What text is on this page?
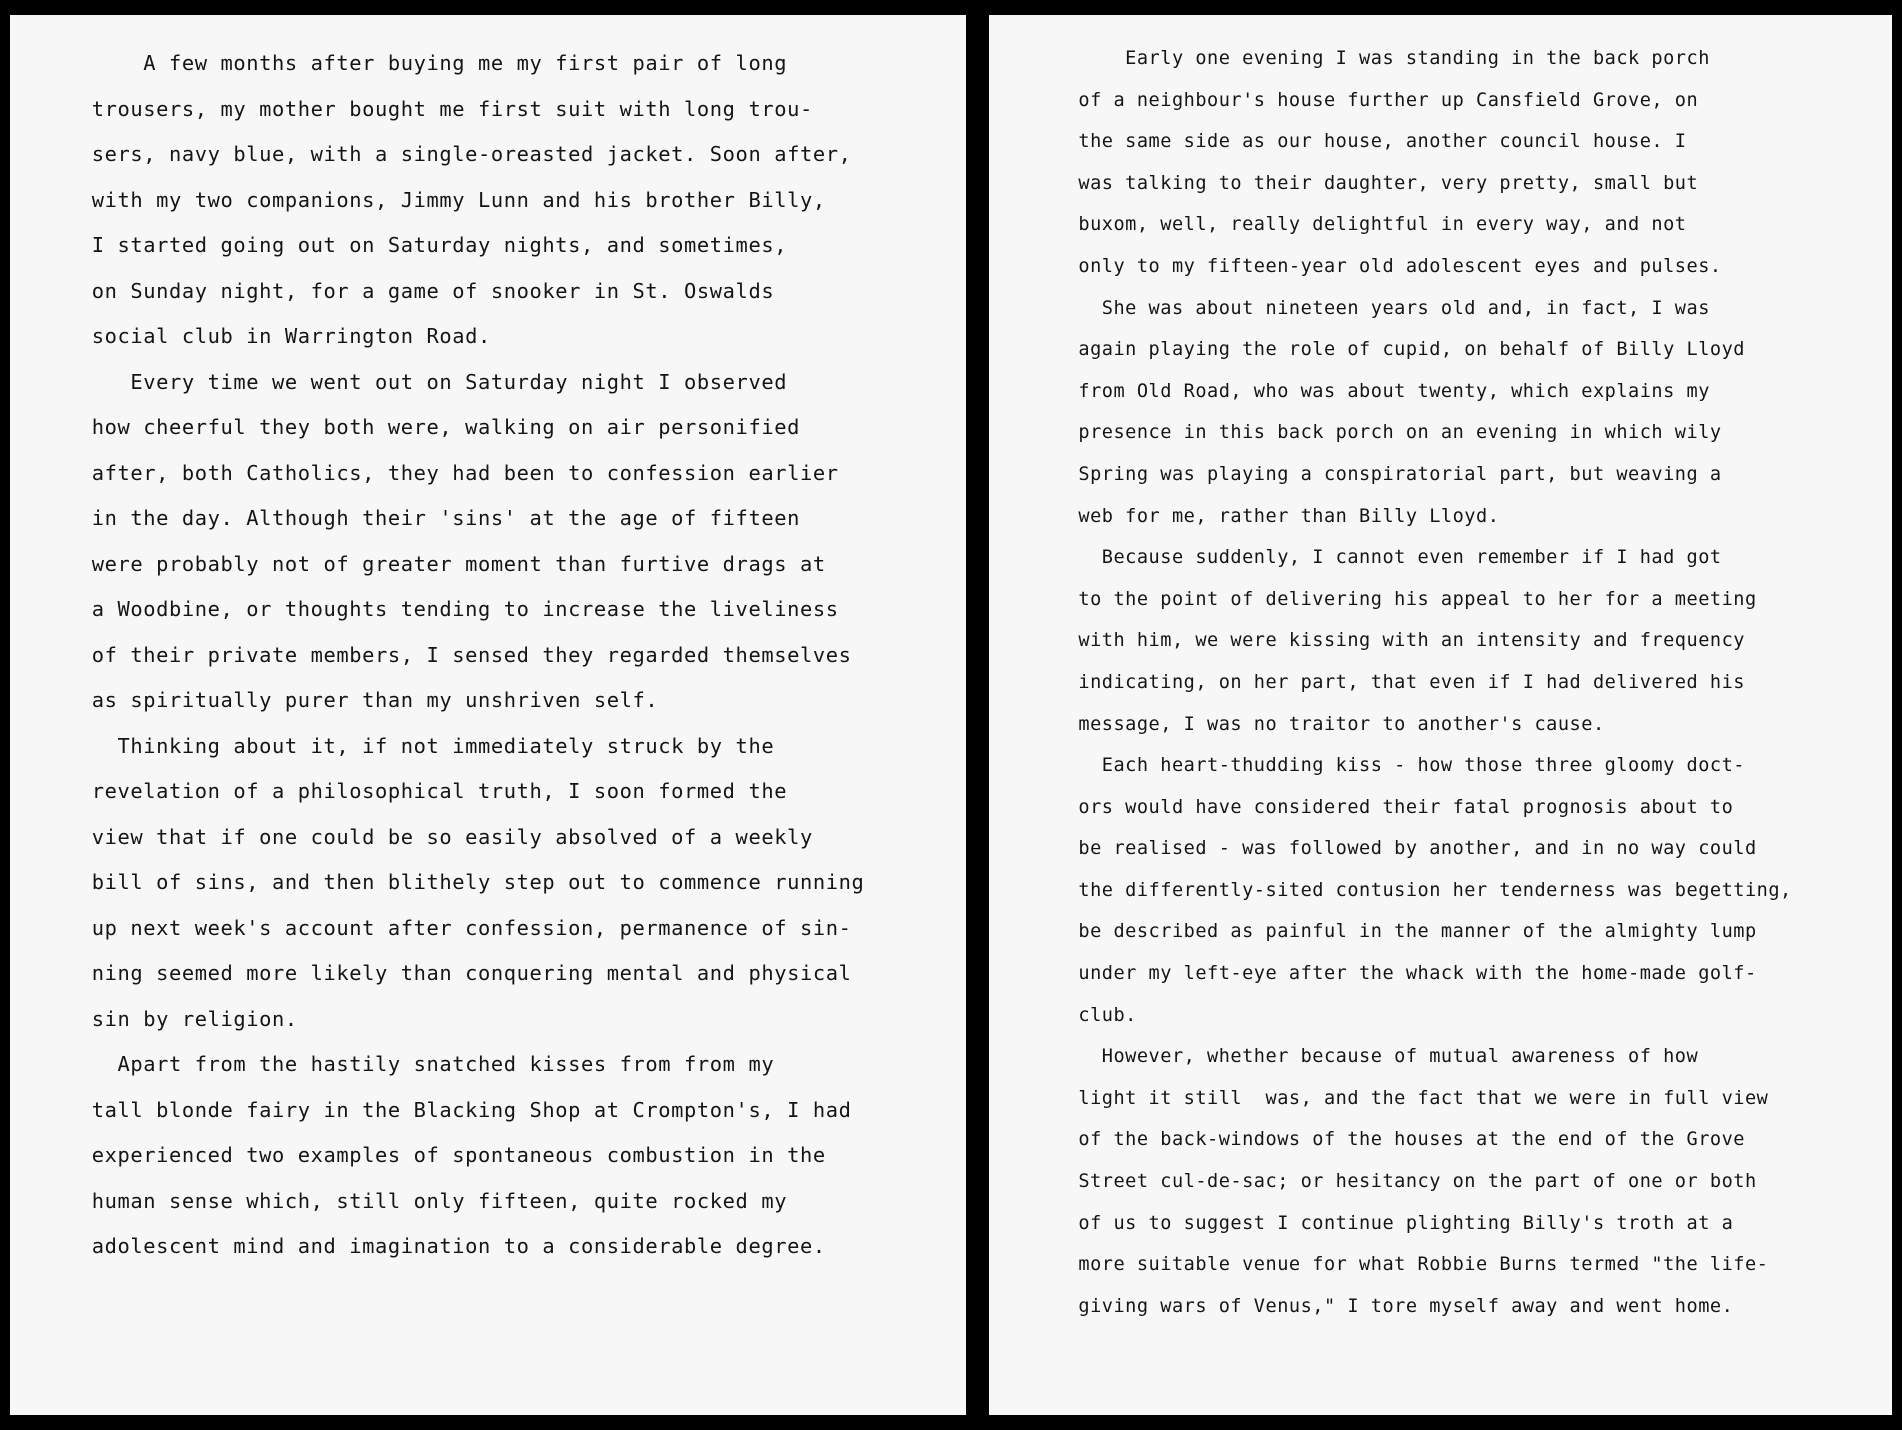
A few months after buying me my first pair of long
trousers, my mother bought me first suit with long trou-
sers, navy blue, with a single-oreasted jacket. Soon after,
with my two companions, Jimmy Lunn and his brother Billy,
I started going out on Saturday nights, and sometimes,
on Sunday night, for a game of snooker in St. Oswalds
social club in Warrington Road.
Every time we went out on Saturday night I observed
how cheerful they both were, walking on air personified
after, both Catholics, they had been to confession earlier
in the day. Although their 'sins' at the age of fifteen
were probably not of greater moment than furtive drags at
a Woodbine, or thoughts tending to increase the liveliness
of their private members, I sensed they regarded themselves
as spiritually purer than my unshriven self.
Thinking about it, if not immediately struck by the
revelation of a philosophical truth, I soon formed the
view that if one could be so easily absolved of a weekly
bill of sins, and then blithely step out to commence running
up next week's account after confession, permanence of sin-
ning seemed more likely than conquering mental and physical
sin by religion.
Apart from the hastily snatched kisses from from my
tall blonde fairy in the Blacking Shop at Crompton's, I had
experienced two examples of spontaneous combustion in the
human sense which, still only fifteen, quite rocked my
adolescent mind and imagination to a considerable degree.
Early one evening I was standing in the back porch
of a neighbour's house further up Cansfield Grove, on
the same side as our house, another council house. I
was talking to their daughter, very pretty, small but
buxom, well, really delightful in every way, and not
only to my fifteen-year old adolescent eyes and pulses.
She was about nineteen years old and, in fact, I was
again playing the role of cupid, on behalf of Billy Lloyd
from Old Road, who was about twenty, which explains my
presence in this back porch on an evening in which wily
Spring was playing a conspiratorial part, but weaving a
web for me, rather than Billy Lloyd.
Because suddenly, I cannot even remember if I had got
to the point of delivering his appeal to her for a meeting
with him, we were kissing with an intensity and frequency
indicating, on her part, that even if I had delivered his
message, I was no traitor to another's cause.
Each heart-thudding kiss - how those three gloomy doct-
ors would have considered their fatal prognosis about to
be realised - was followed by another, and in no way could
the differently-sited contusion her tenderness was begetting,
be described as painful in the manner of the almighty lump
under my left-eye after the whack with the home-made golf-
club.
However, whether because of mutual awareness of how
light it still  was, and the fact that we were in full view
of the back-windows of the houses at the end of the Grove
Street cul-de-sac; or hesitancy on the part of one or both
of us to suggest I continue plighting Billy's troth at a
more suitable venue for what Robbie Burns termed "the life-
giving wars of Venus," I tore myself away and went home.
